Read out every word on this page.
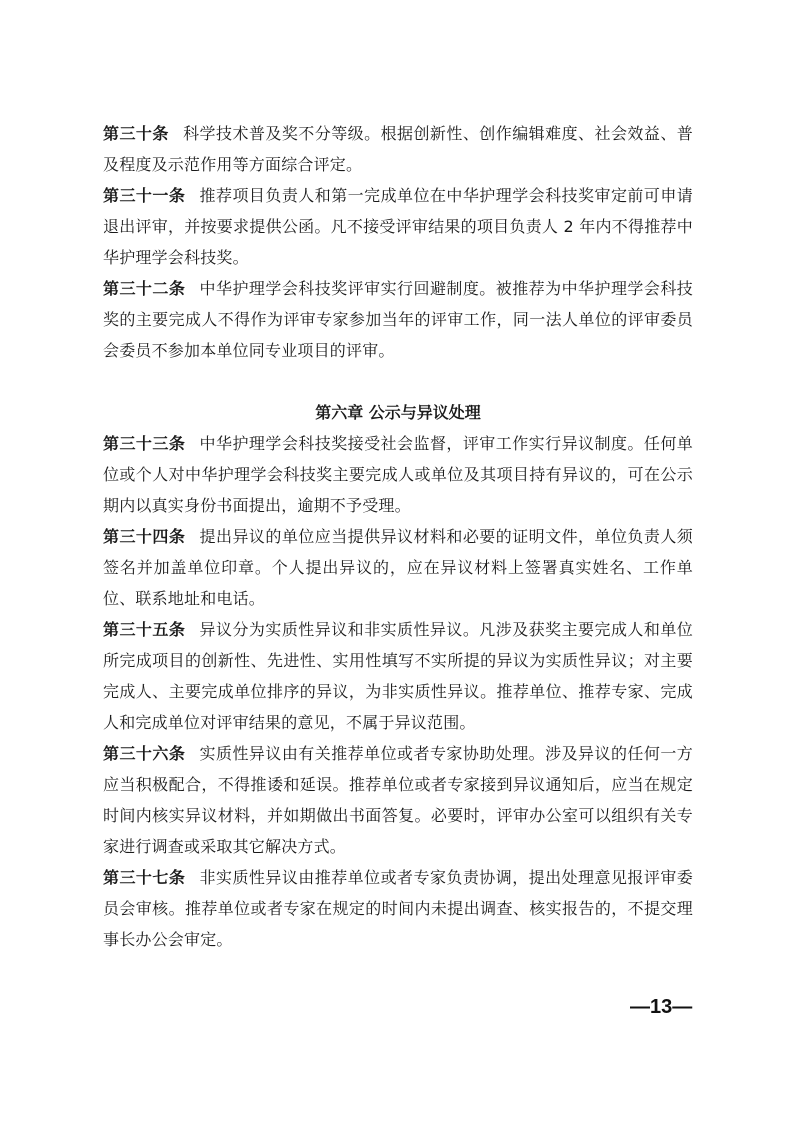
第三十条 科学技术普及奖不分等级。根据创新性、创作编辑难度、社会效益、普及程度及示范作用等方面综合评定。

第三十一条 推荐项目负责人和第一完成单位在中华护理学会科技奖审定前可申请退出评审，并按要求提供公函。凡不接受评审结果的项目负责人 2 年内不得推荐中华护理学会科技奖。

第三十二条 中华护理学会科技奖评审实行回避制度。被推荐为中华护理学会科技奖的主要完成人不得作为评审专家参加当年的评审工作，同一法人单位的评审委员会委员不参加本单位同专业项目的评审。

第六章 公示与异议处理

第三十三条 中华护理学会科技奖接受社会监督，评审工作实行异议制度。任何单位或个人对中华护理学会科技奖主要完成人或单位及其项目持有异议的，可在公示期内以真实身份书面提出，逾期不予受理。

第三十四条 提出异议的单位应当提供异议材料和必要的证明文件，单位负责人须签名并加盖单位印章。个人提出异议的，应在异议材料上签署真实姓名、工作单位、联系地址和电话。

第三十五条 异议分为实质性异议和非实质性异议。凡涉及获奖主要完成人和单位所完成项目的创新性、先进性、实用性填写不实所提的异议为实质性异议；对主要完成人、主要完成单位排序的异议，为非实质性异议。推荐单位、推荐专家、完成人和完成单位对评审结果的意见，不属于异议范围。

第三十六条 实质性异议由有关推荐单位或者专家协助处理。涉及异议的任何一方应当积极配合，不得推诿和延误。推荐单位或者专家接到异议通知后，应当在规定时间内核实异议材料，并如期做出书面答复。必要时，评审办公室可以组织有关专家进行调查或采取其它解决方式。

第三十七条 非实质性异议由推荐单位或者专家负责协调，提出处理意见报评审委员会审核。推荐单位或者专家在规定的时间内未提出调查、核实报告的，不提交理事长办公会审定。

—13—
